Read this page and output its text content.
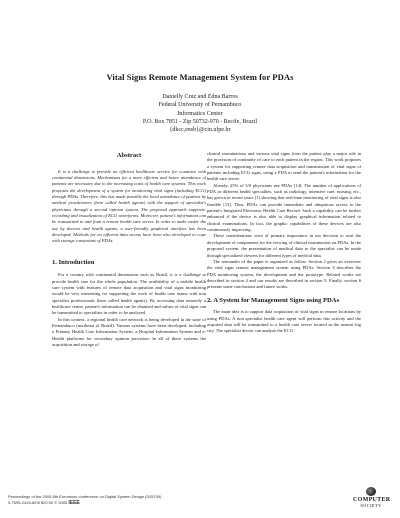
Vital Signs Remote Management System for PDAs
Danielly Cruz and Edna Barros
Federal University of Pernambuco
Informatics Center
P.O. Box 7851 - Zip 50732-970 - Recife, Brazil
{dkcc,ensb}@cin.ufpe.br

Abstract

It is a challenge to provide an efficient healthcare service for countries with continental dimensions. Mechanisms for a more efficient and better attendance of patients are necessary due to the increasing costs of health care systems. This work proposes the development of a system for monitoring vital signs (including ECG) through PDAs. Therefore, this has made possible the local attendance of patients by medical practitioners (here called health agents) with the support of specialist's physicians through a second opinion system. The proposed approach supports: recording and visualization of ECG waveforms. Moreover, patient's information can be transmitted to and from a remote health care server. In order to make easier the use by doctors and health agents, a user-friendly graphical interface has been developed. Methods for an efficient data access have been also developed to cope with storage constraints of PDAs.

1. Introduction

For a country with continental dimensions such as Brazil, it is a challenge to provide health care for the whole population. The availability of a mobile health care system with features of remote data acquisition and vital signs monitoring would be very interesting for supporting the work of health care teams with non specialist professionals (here called health agents). By accessing data remotely a healthcare center, patient's information can be obtained and values of vital signs can be transmitted to specialists in order to be analyzed.

In this context, a regional health care network is being developed in the state of Pernambuco (northeast of Brazil). Various systems have been developed, including a Primary Health Care Information System, a Hospital Information System and e-Health platforms for secondary opinion provision. In all of these systems the acquisition and storage of

clinical examinations and various vital signs from the patient play a major role in the provision of continuity of care to each patient in the region. This work proposes a system for supporting remote data acquisition and transmission of vital signs of patients including ECG signs, using a PDA to send the patient's information for the health care server.

Already, 25% of US physicians use PDAs [14]. The number of applications of PDA in different health specialties, such as radiology, intensive care, nursing, etc., has grown in recent years [1] showing that real-time monitoring of vital signs is also feasible [13]. Thus, PDAs can provide immediate and ubiquitous access to the patient's Integrated Electronic Health Care Record. Such a capability can be further enhanced if the device is also able to display graphical information related to clinical examinations. In fact, the graphic capabilities of these devices are also continuously improving.

These considerations were of primary importance in our decision to start the development of components for the viewing of clinical examination on PDAs. In the proposed system, the presentation of medical data to the specialist can be made through specialized viewers for different types of medical data.

The remainder of the paper is organized as follow. Section 2 gives an overview the vital signs remote management system using PDAs. Section 3 describes the PDA monitoring system, the development and the prototype. Related works are described in section 4 and our results are described in section 5. Finally, section 6 presents some conclusions and future works.

2. A System for Management Signs using PDAs

The main idea is to support data acquisition of vital signs in remote locations by using PDAs. A non specialist health care agent will perform this activity and the acquired data will be transmitted to a health care server located in the nearest big city. The specialist doctor can analyze the ECG

Proceedings of the 2005 8th Euromicro conference on Digital System Design (DSD'05)
0-7695-2433-8/05 $20.00 © 2005 IEEE	COMPUTER
SOCIETY
